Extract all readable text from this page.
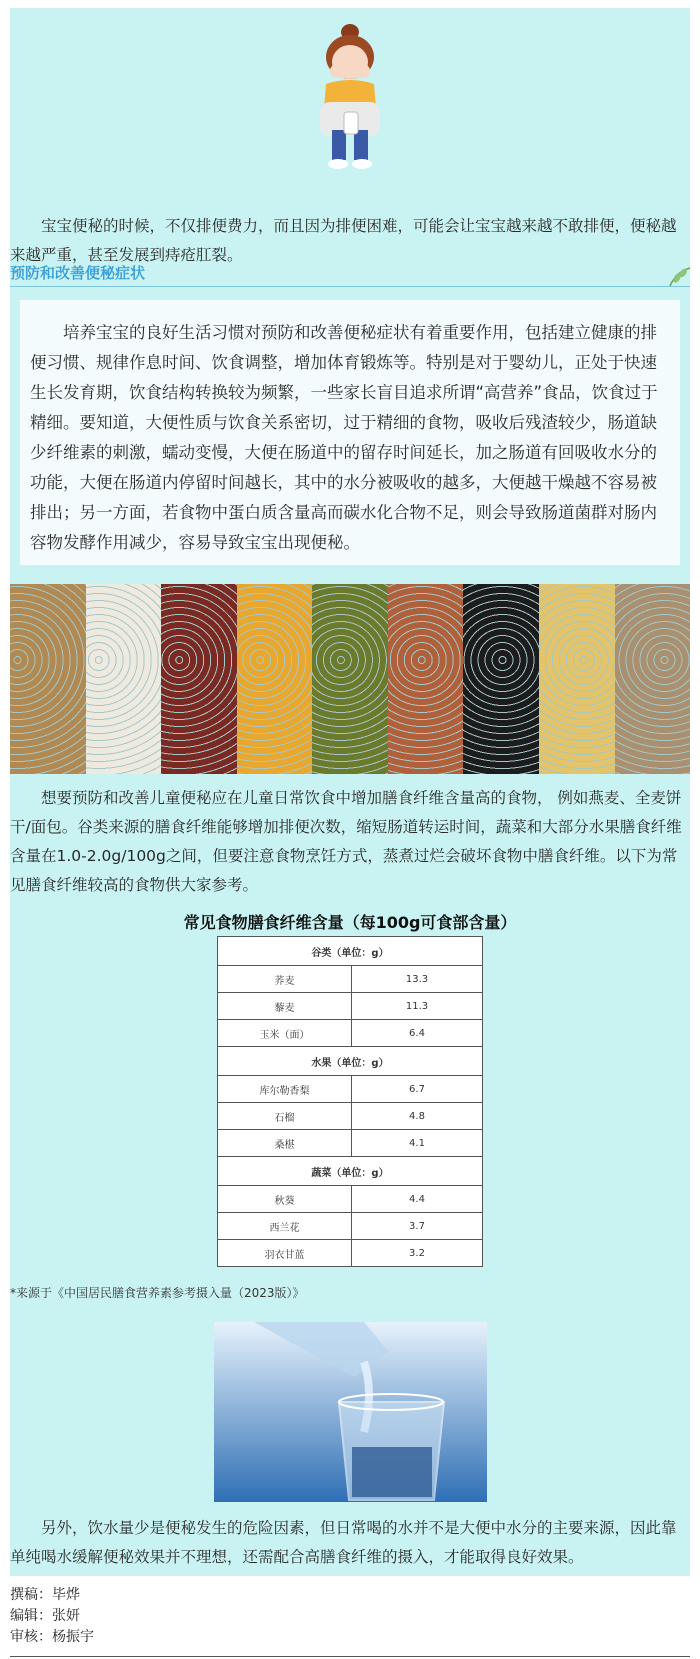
宝宝便秘的时候，不仅排便费力，而且因为排便困难，可能会让宝宝越来越不敢排便，便秘越来越严重，甚至发展到痔疮肛裂。

预防和改善便秘症状

培养宝宝的良好生活习惯对预防和改善便秘症状有着重要作用，包括建立健康的排便习惯、规律作息时间、饮食调整，增加体育锻炼等。特别是对于婴幼儿，正处于快速生长发育期，饮食结构转换较为频繁，一些家长盲目追求所谓“高营养”食品，饮食过于精细。要知道，大便性质与饮食关系密切，过于精细的食物，吸收后残渣较少，肠道缺少纤维素的刺激，蠕动变慢，大便在肠道中的留存时间延长，加之肠道有回吸收水分的功能，大便在肠道内停留时间越长，其中的水分被吸收的越多，大便越干燥越不容易被排出；另一方面，若食物中蛋白质含量高而碳水化合物不足，则会导致肠道菌群对肠内容物发酵作用减少，容易导致宝宝出现便秘。

想要预防和改善儿童便秘应在儿童日常饮食中增加膳食纤维含量高的食物， 例如燕麦、全麦饼干/面包。谷类来源的膳食纤维能够增加排便次数，缩短肠道转运时间，蔬菜和大部分水果膳食纤维含量在1.0-2.0g/100g之间，但要注意食物烹饪方式，蒸煮过烂会破坏食物中膳食纤维。以下为常见膳食纤维较高的食物供大家参考。

常见食物膳食纤维含量（每100g可食部含量）
谷类（单位：g）	
荞麦	13.3
藜麦	11.3
玉米（面）	6.4
水果（单位：g）	
库尔勒香梨	6.7
石榴	4.8
桑椹	4.1
蔬菜（单位：g）	
秋葵	4.4
西兰花	3.7
羽衣甘蓝	3.2
*来源于《中国居民膳食营养素参考摄入量（2023版）》

另外，饮水量少是便秘发生的危险因素，但日常喝的水并不是大便中水分的主要来源，因此靠单纯喝水缓解便秘效果并不理想，还需配合高膳食纤维的摄入，才能取得良好效果。

撰稿：毕烨
编辑：张妍
审核：杨振宇
